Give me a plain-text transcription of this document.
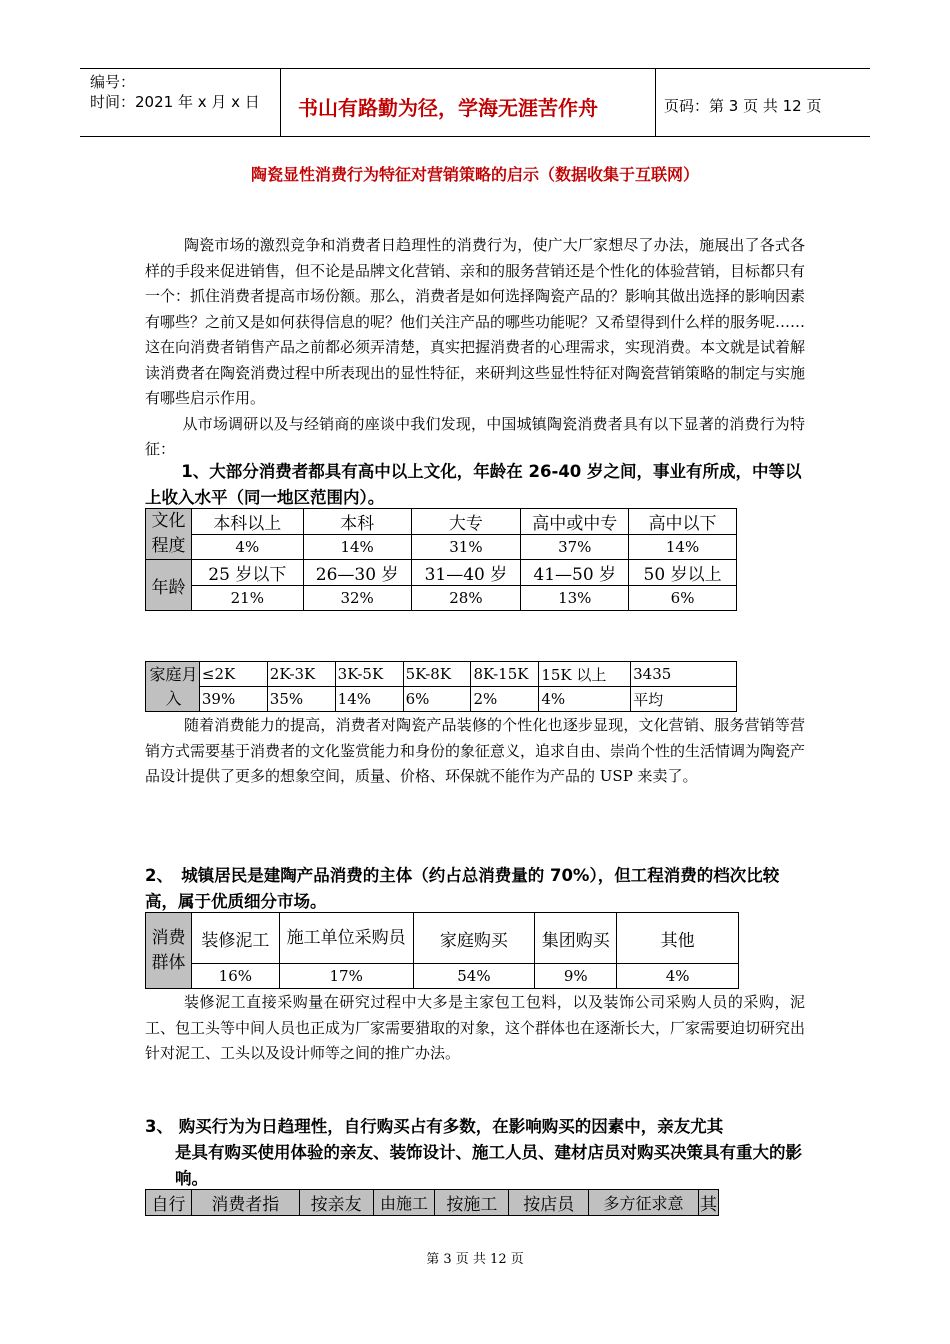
编号：
时间：2021 年 x 月 x 日 书山有路勤为径，学海无涯苦作舟	页码：第 3 页 共 12 页
陶瓷显性消费行为特征对营销策略的启示（数据收集于互联网）

陶瓷市场的激烈竞争和消费者日趋理性的消费行为，使广大厂家想尽了办法，施展出了各式各样的手段来促进销售，但不论是品牌文化营销、亲和的服务营销还是个性化的体验营销，目标都只有一个：抓住消费者提高市场份额。那么，消费者是如何选择陶瓷产品的？影响其做出选择的影响因素有哪些？之前又是如何获得信息的呢？他们关注产品的哪些功能呢？又希望得到什么样的服务呢……这在向消费者销售产品之前都必须弄清楚，真实把握消费者的心理需求，实现消费。本文就是试着解读消费者在陶瓷消费过程中所表现出的显性特征，来研判这些显性特征对陶瓷营销策略的制定与实施有哪些启示作用。

从市场调研以及与经销商的座谈中我们发现，中国城镇陶瓷消费者具有以下显著的消费行为特征：

1、大部分消费者都具有高中以上文化，年龄在 26-40 岁之间，事业有所成，中等以上收入水平（同一地区范围内）。
文化程度	本科以上	本科	大专	高中或中专	高中以下
	4%	14%	31%	37%	14%
年龄	25 岁以下	26—30 岁	31—40 岁	41—50 岁	50 岁以上
	21%	32%	28%	13%	6%
家庭月入	≤2K	2K-3K	3K-5K	5K-8K	8K-15K	15K 以上	3435
	39%	35%	14%	6%	2%	4%	平均

随着消费能力的提高，消费者对陶瓷产品装修的个性化也逐步显现，文化营销、服务营销等营销方式需要基于消费者的文化鉴赏能力和身份的象征意义，追求自由、崇尚个性的生活情调为陶瓷产品设计提供了更多的想象空间，质量、价格、环保就不能作为产品的 USP 来卖了。

2、　城镇居民是建陶产品消费的主体（约占总消费量的 70%），但工程消费的档次比较高，属于优质细分市场。
消费群体	装修泥工	施工单位采购员	家庭购买	集团购买	其他
	16%	17%	54%	9%	4%

装修泥工直接采购量在研究过程中大多是主家包工包料，以及装饰公司采购人员的采购，泥工、包工头等中间人员也正成为厂家需要猎取的对象，这个群体也在逐渐长大，厂家需要迫切研究出针对泥工、工头以及设计师等之间的推广办法。

3、 购买行为为日趋理性，自行购买占有多数，在影响购买的因素中，亲友尤其
是具有购买使用体验的亲友、装饰设计、施工人员、建材店员对购买决策具有重大的影响。
自行	消费者指	按亲友	由施工	按施工	按店员	多方征求意	其
第 3 页 共 12 页
